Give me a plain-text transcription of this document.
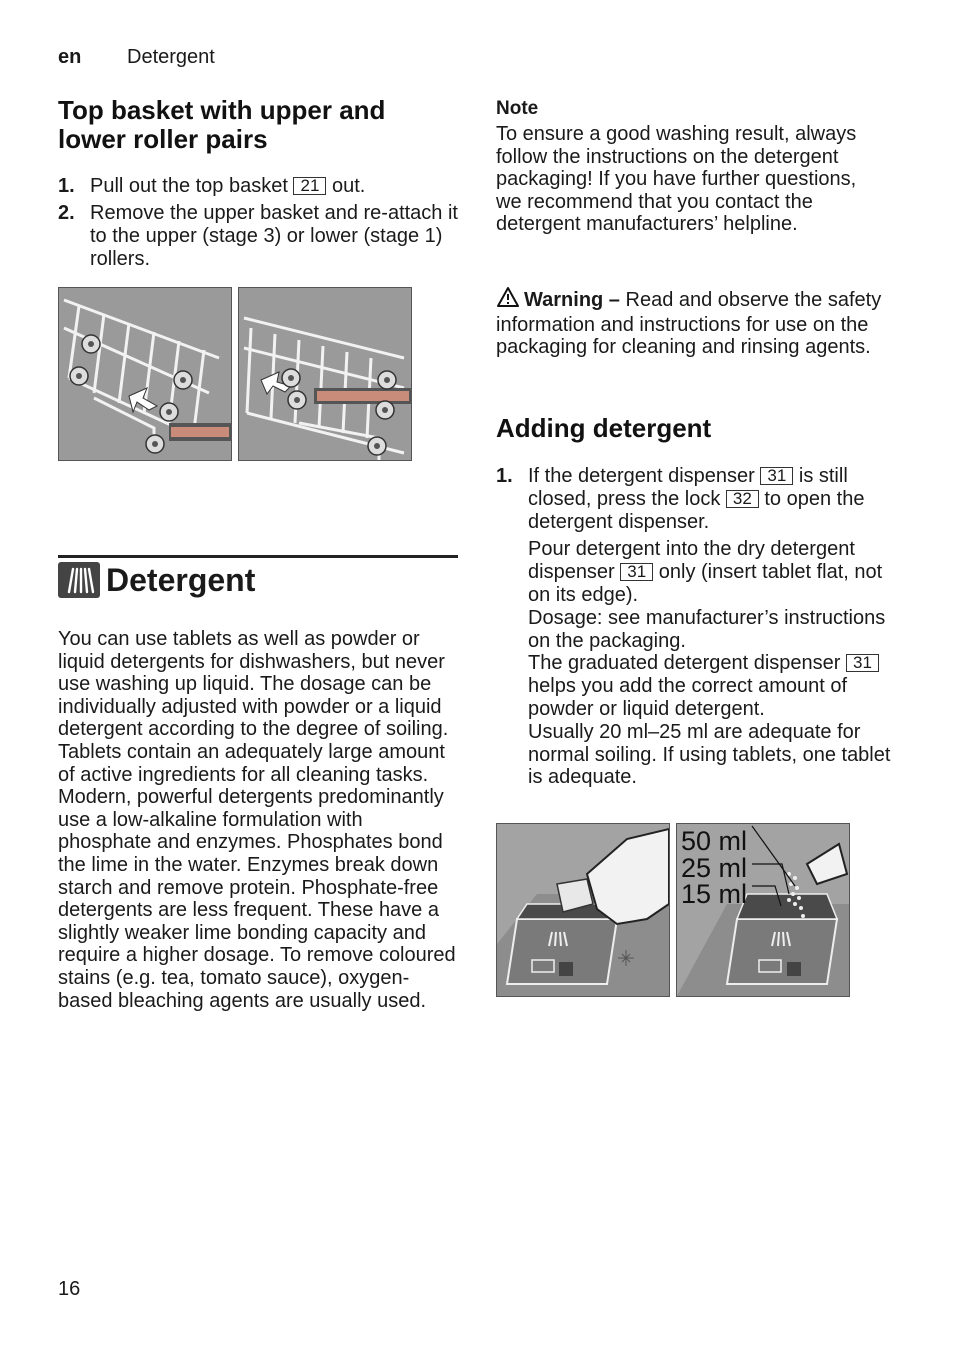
en Detergent
Top basket with upper and lower roller pairs
1. Pull out the top basket 21 out.
2. Remove the upper basket and re-attach it to the upper (stage 3) or lower (stage 1) rollers.
Detergent

You can use tablets as well as powder or liquid detergents for dishwashers, but never use washing up liquid. The dosage can be individually adjusted with powder or a liquid detergent according to the degree of soiling. Tablets contain an adequately large amount of active ingredients for all cleaning tasks. Modern, powerful detergents predominantly use a low-alkaline formulation with phosphate and enzymes. Phosphates bond the lime in the water. Enzymes break down starch and remove protein. Phosphate-free detergents are less frequent. These have a slightly weaker lime bonding capacity and require a higher dosage. To remove coloured stains (e.g. tea, tomato sauce), oxygen-based bleaching agents are usually used.

Note

To ensure a good washing result, always follow the instructions on the detergent packaging! If you have further questions, we recommend that you contact the detergent manufacturers’ helpline.

Warning – Read and observe the safety information and instructions for use on the packaging for cleaning and rinsing agents.

Adding detergent
1. If the detergent dispenser 31 is still closed, press the lock 32 to open the detergent dispenser.

Pour detergent into the dry detergent dispenser 31 only (insert tablet flat, not on its edge).

Dosage: see manufacturer’s instructions on the packaging.

The graduated detergent dispenser 31 helps you add the correct amount of powder or liquid detergent.

Usually 20 ml–25 ml are adequate for normal soiling. If using tablets, one tablet is adequate.

50 ml
25 ml
15 ml
16
